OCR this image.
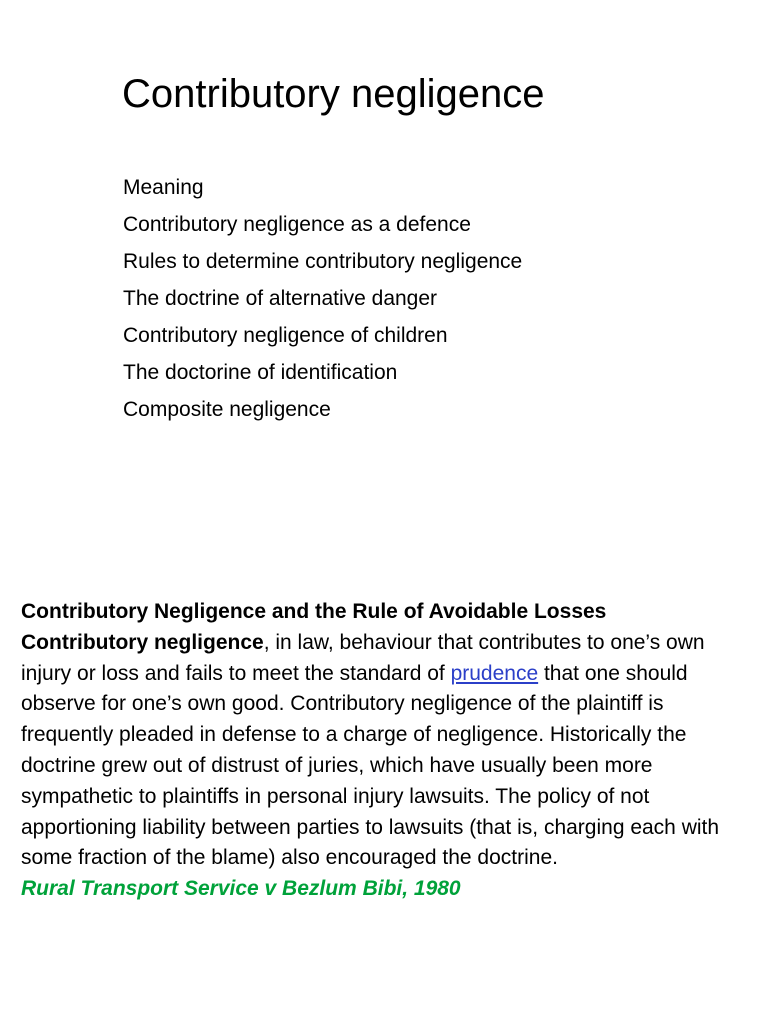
Contributory negligence
Meaning
Contributory negligence as a defence
Rules to determine contributory negligence
The doctrine of alternative danger
Contributory negligence of children
The doctorine of identification
Composite negligence

Contributory Negligence and the Rule of Avoidable Losses
Contributory negligence, in law, behaviour that contributes to one’s own injury or loss and fails to meet the standard of prudence that one should observe for one’s own good. Contributory negligence of the plaintiff is frequently pleaded in defense to a charge of negligence. Historically the doctrine grew out of distrust of juries, which have usually been more sympathetic to plaintiffs in personal injury lawsuits. The policy of not apportioning liability between parties to lawsuits (that is, charging each with some fraction of the blame) also encouraged the doctrine.

Rural Transport Service v Bezlum Bibi, 1980
